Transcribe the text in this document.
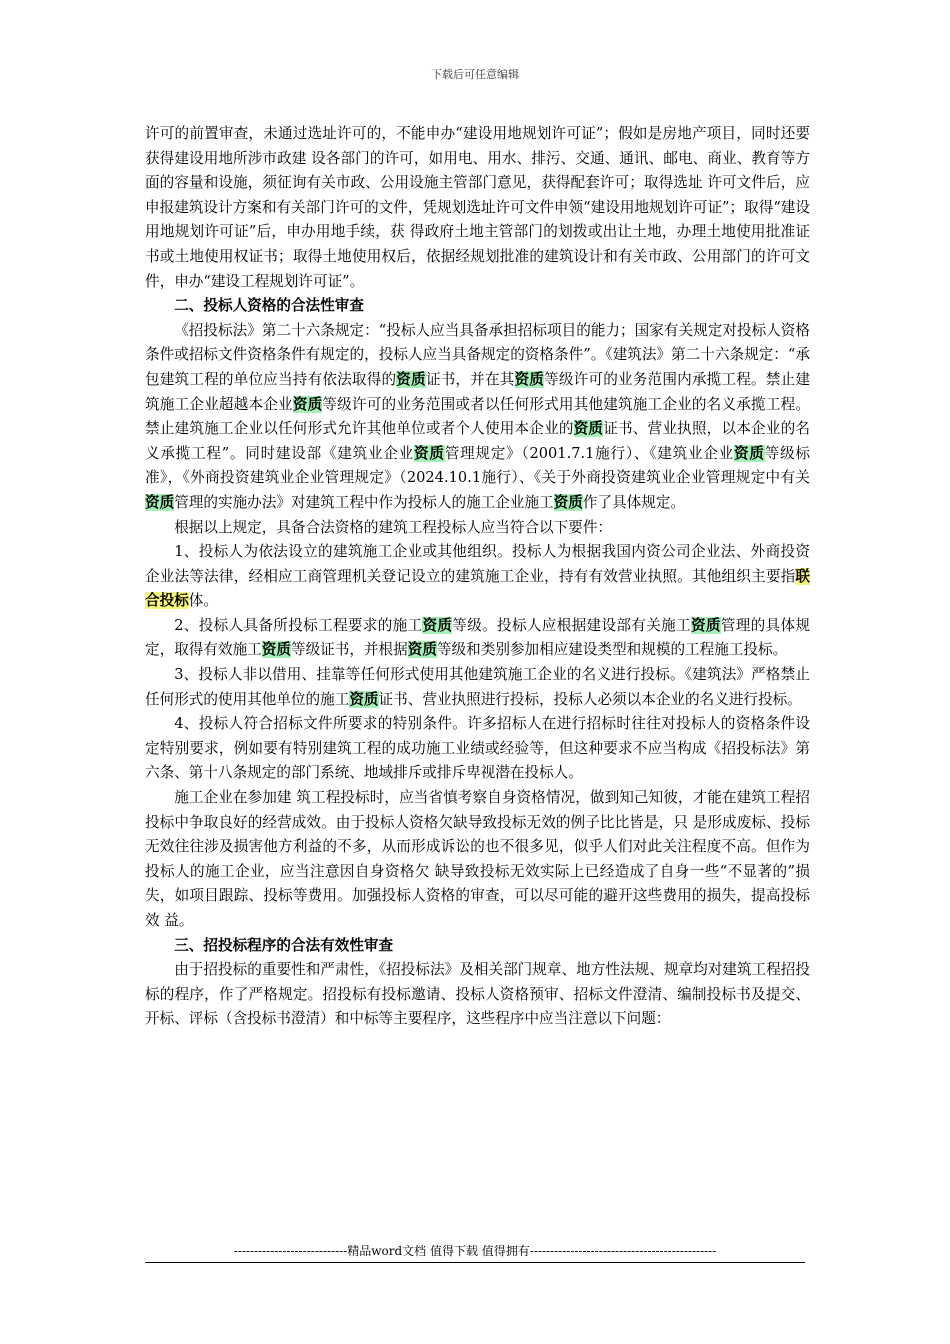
下载后可任意编辑

许可的前置审查，未通过选址许可的，不能申办“建设用地规划许可证”；假如是房地产项目，同时还要获得建设用地所涉市政建 设各部门的许可，如用电、用水、排污、交通、通讯、邮电、商业、教育等方面的容量和设施，须征询有关市政、公用设施主管部门意见，获得配套许可；取得选址 许可文件后，应申报建筑设计方案和有关部门许可的文件，凭规划选址许可文件申领“建设用地规划许可证”；取得“建设用地规划许可证”后，申办用地手续，获 得政府土地主管部门的划拨或出让土地，办理土地使用批准证书或土地使用权证书；取得土地使用权后，依据经规划批准的建筑设计和有关市政、公用部门的许可文 件，申办“建设工程规划许可证”。

二、投标人资格的合法性审查

《招投标法》第二十六条规定：“投标人应当具备承担招标项目的能力；国家有关规定对投标人资格条件或招标文件资格条件有规定的，投标人应当具备规定的资格条件”。《建筑法》第二十六条规定：“承包建筑工程的单位应当持有依法取得的资质证书，并在其资质等级许可的业务范围内承揽工程。禁止建筑施工企业超越本企业资质等级许可的业务范围或者以任何形式用其他建筑施工企业的名义承揽工程。禁止建筑施工企业以任何形式允许其他单位或者个人使用本企业的资质证书、营业执照，以本企业的名义承揽工程”。同时建设部《建筑业企业资质管理规定》（2001.7.1施行）、《建筑业企业资质等级标准》，《外商投资建筑业企业管理规定》（2024.10.1施行）、《关于外商投资建筑业企业管理规定中有关资质管理的实施办法》对建筑工程中作为投标人的施工企业施工资质作了具体规定。

根据以上规定，具备合法资格的建筑工程投标人应当符合以下要件：

1、投标人为依法设立的建筑施工企业或其他组织。投标人为根据我国内资公司企业法、外商投资企业法等法律，经相应工商管理机关登记设立的建筑施工企业，持有有效营业执照。其他组织主要指联合投标体。

2、投标人具备所投标工程要求的施工资质等级。投标人应根据建设部有关施工资质管理的具体规定，取得有效施工资质等级证书，并根据资质等级和类别参加相应建设类型和规模的工程施工投标。

3、投标人非以借用、挂靠等任何形式使用其他建筑施工企业的名义进行投标。《建筑法》严格禁止任何形式的使用其他单位的施工资质证书、营业执照进行投标，投标人必须以本企业的名义进行投标。

4、投标人符合招标文件所要求的特别条件。许多招标人在进行招标时往往对投标人的资格条件设定特别要求，例如要有特别建筑工程的成功施工业绩或经验等，但这种要求不应当构成《招投标法》第六条、第十八条规定的部门系统、地域排斥或排斥卑视潜在投标人。

施工企业在参加建 筑工程投标时，应当省慎考察自身资格情况，做到知己知彼，才能在建筑工程招投标中争取良好的经营成效。由于投标人资格欠缺导致投标无效的例子比比皆是，只 是形成废标、投标无效往往涉及损害他方利益的不多，从而形成诉讼的也不很多见，似乎人们对此关注程度不高。但作为投标人的施工企业，应当注意因自身资格欠 缺导致投标无效实际上已经造成了自身一些“不显著的”损失，如项目跟踪、投标等费用。加强投标人资格的审查，可以尽可能的避开这些费用的损失，提高投标效 益。

三、招投标程序的合法有效性审查

由于招投标的重要性和严肃性，《招投标法》及相关部门规章、地方性法规、规章均对建筑工程招投标的程序，作了严格规定。招投标有投标邀请、投标人资格预审、招标文件澄清、编制投标书及提交、开标、评标（含投标书澄清）和中标等主要程序，这些程序中应当注意以下问题：

----------------------------精品word文档 值得下载 值得拥有----------------------------------------------
